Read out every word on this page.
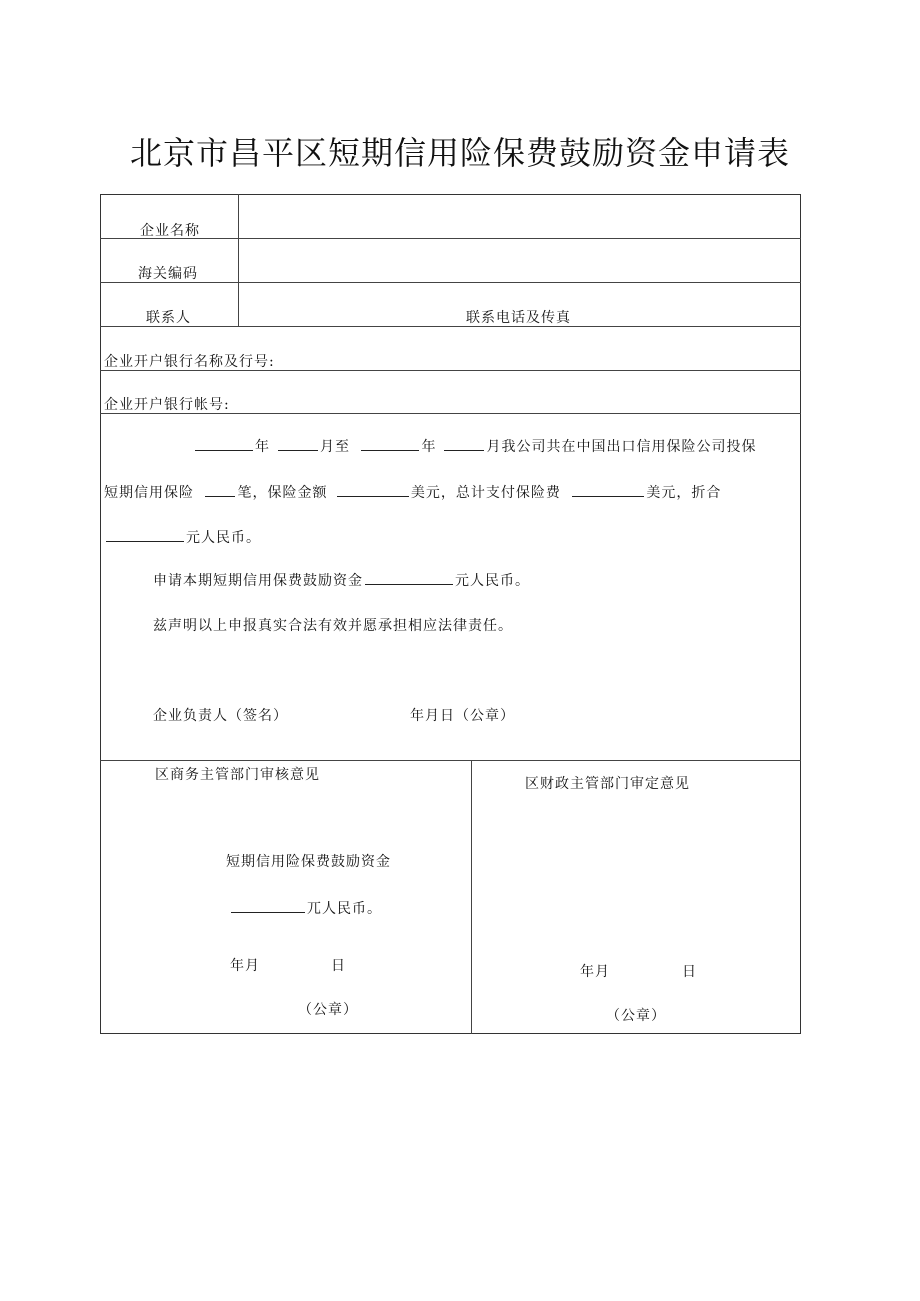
北京市昌平区短期信用险保费鼓励资金申请表
企业名称
海关编码
联系人	联系电话及传真
企业开户银行名称及行号:
企业开户银行帐号:
年	月至	年	月我公司共在中国出口信用保险公司投保
短期信用保险	笔，保险金额	美元，总计支付保险费	美元，折合
元人民币。
申请本期短期信用保费鼓励资金	元人民币。
兹声明以上申报真实合法有效并愿承担相应法律责任。
企业负责人（签名）	年月日（公章）
区商务主管部门审核意见
短期信用险保费鼓励资金
兀人民币。
年月	日
（公章）
区财政主管部门审定意见
年月	日
（公章）
